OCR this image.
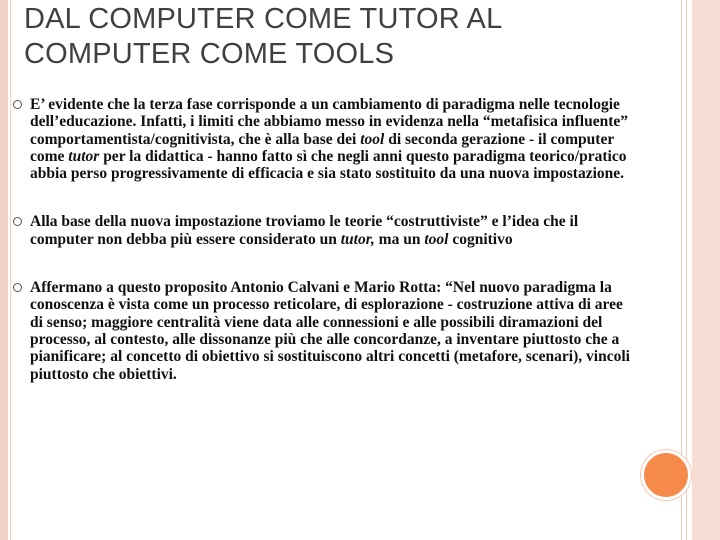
DAL COMPUTER COME TUTOR AL
COMPUTER COME TOOLS
E’ evidente che la terza fase corrisponde a un cambiamento di paradigma nelle tecnologie dell’educazione. Infatti, i limiti che abbiamo messo in evidenza nella “metafisica influente” comportamentista/cognitivista, che è alla base dei tool di seconda gerazione - il computer come tutor per la didattica - hanno fatto sì che negli anni questo paradigma teorico/pratico abbia perso progressivamente di efficacia e sia stato sostituito da una nuova impostazione.
Alla base della nuova impostazione troviamo le teorie “costruttiviste” e l’idea che il computer non debba più essere considerato un tutor, ma un tool cognitivo
Affermano a questo proposito Antonio Calvani e Mario Rotta: “Nel nuovo paradigma la conoscenza è vista come un processo reticolare, di esplorazione - costruzione attiva di aree di senso; maggiore centralità viene data alle connessioni e alle possibili diramazioni del processo, al contesto, alle dissonanze più che alle concordanze, a inventare piuttosto che a pianificare; al concetto di obiettivo si sostituiscono altri concetti (metafore, scenari), vincoli piuttosto che obiettivi.
